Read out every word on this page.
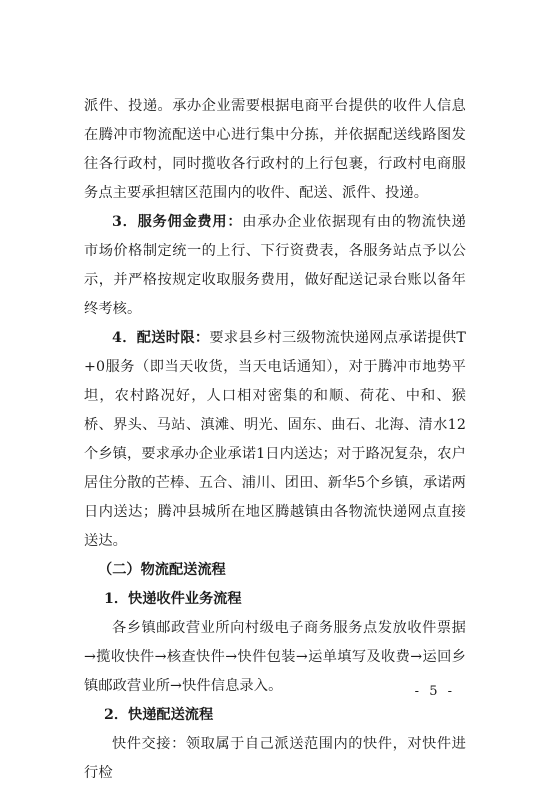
派件、投递。承办企业需要根据电商平台提供的收件人信息在腾冲市物流配送中心进行集中分拣，并依据配送线路图发往各行政村，同时揽收各行政村的上行包裹，行政村电商服务点主要承担辖区范围内的收件、配送、派件、投递。

3．服务佣金费用：由承办企业依据现有由的物流快递市场价格制定统一的上行、下行资费表，各服务站点予以公示，并严格按规定收取服务费用，做好配送记录台账以备年终考核。

4．配送时限：要求县乡村三级物流快递网点承诺提供T+0服务（即当天收货，当天电话通知），对于腾冲市地势平坦，农村路况好，人口相对密集的和顺、荷花、中和、猴桥、界头、马站、滇滩、明光、固东、曲石、北海、清水12个乡镇，要求承办企业承诺1日内送达；对于路况复杂，农户居住分散的芒棒、五合、浦川、团田、新华5个乡镇，承诺两日内送达；腾冲县城所在地区腾越镇由各物流快递网点直接送达。

（二）物流配送流程

1．快递收件业务流程

各乡镇邮政营业所向村级电子商务服务点发放收件票据→揽收快件→核查快件→快件包装→运单填写及收费→运回乡镇邮政营业所→快件信息录入。

2．快递配送流程

快件交接：领取属于自己派送范围内的快件，对快件进行检

- 5 -
